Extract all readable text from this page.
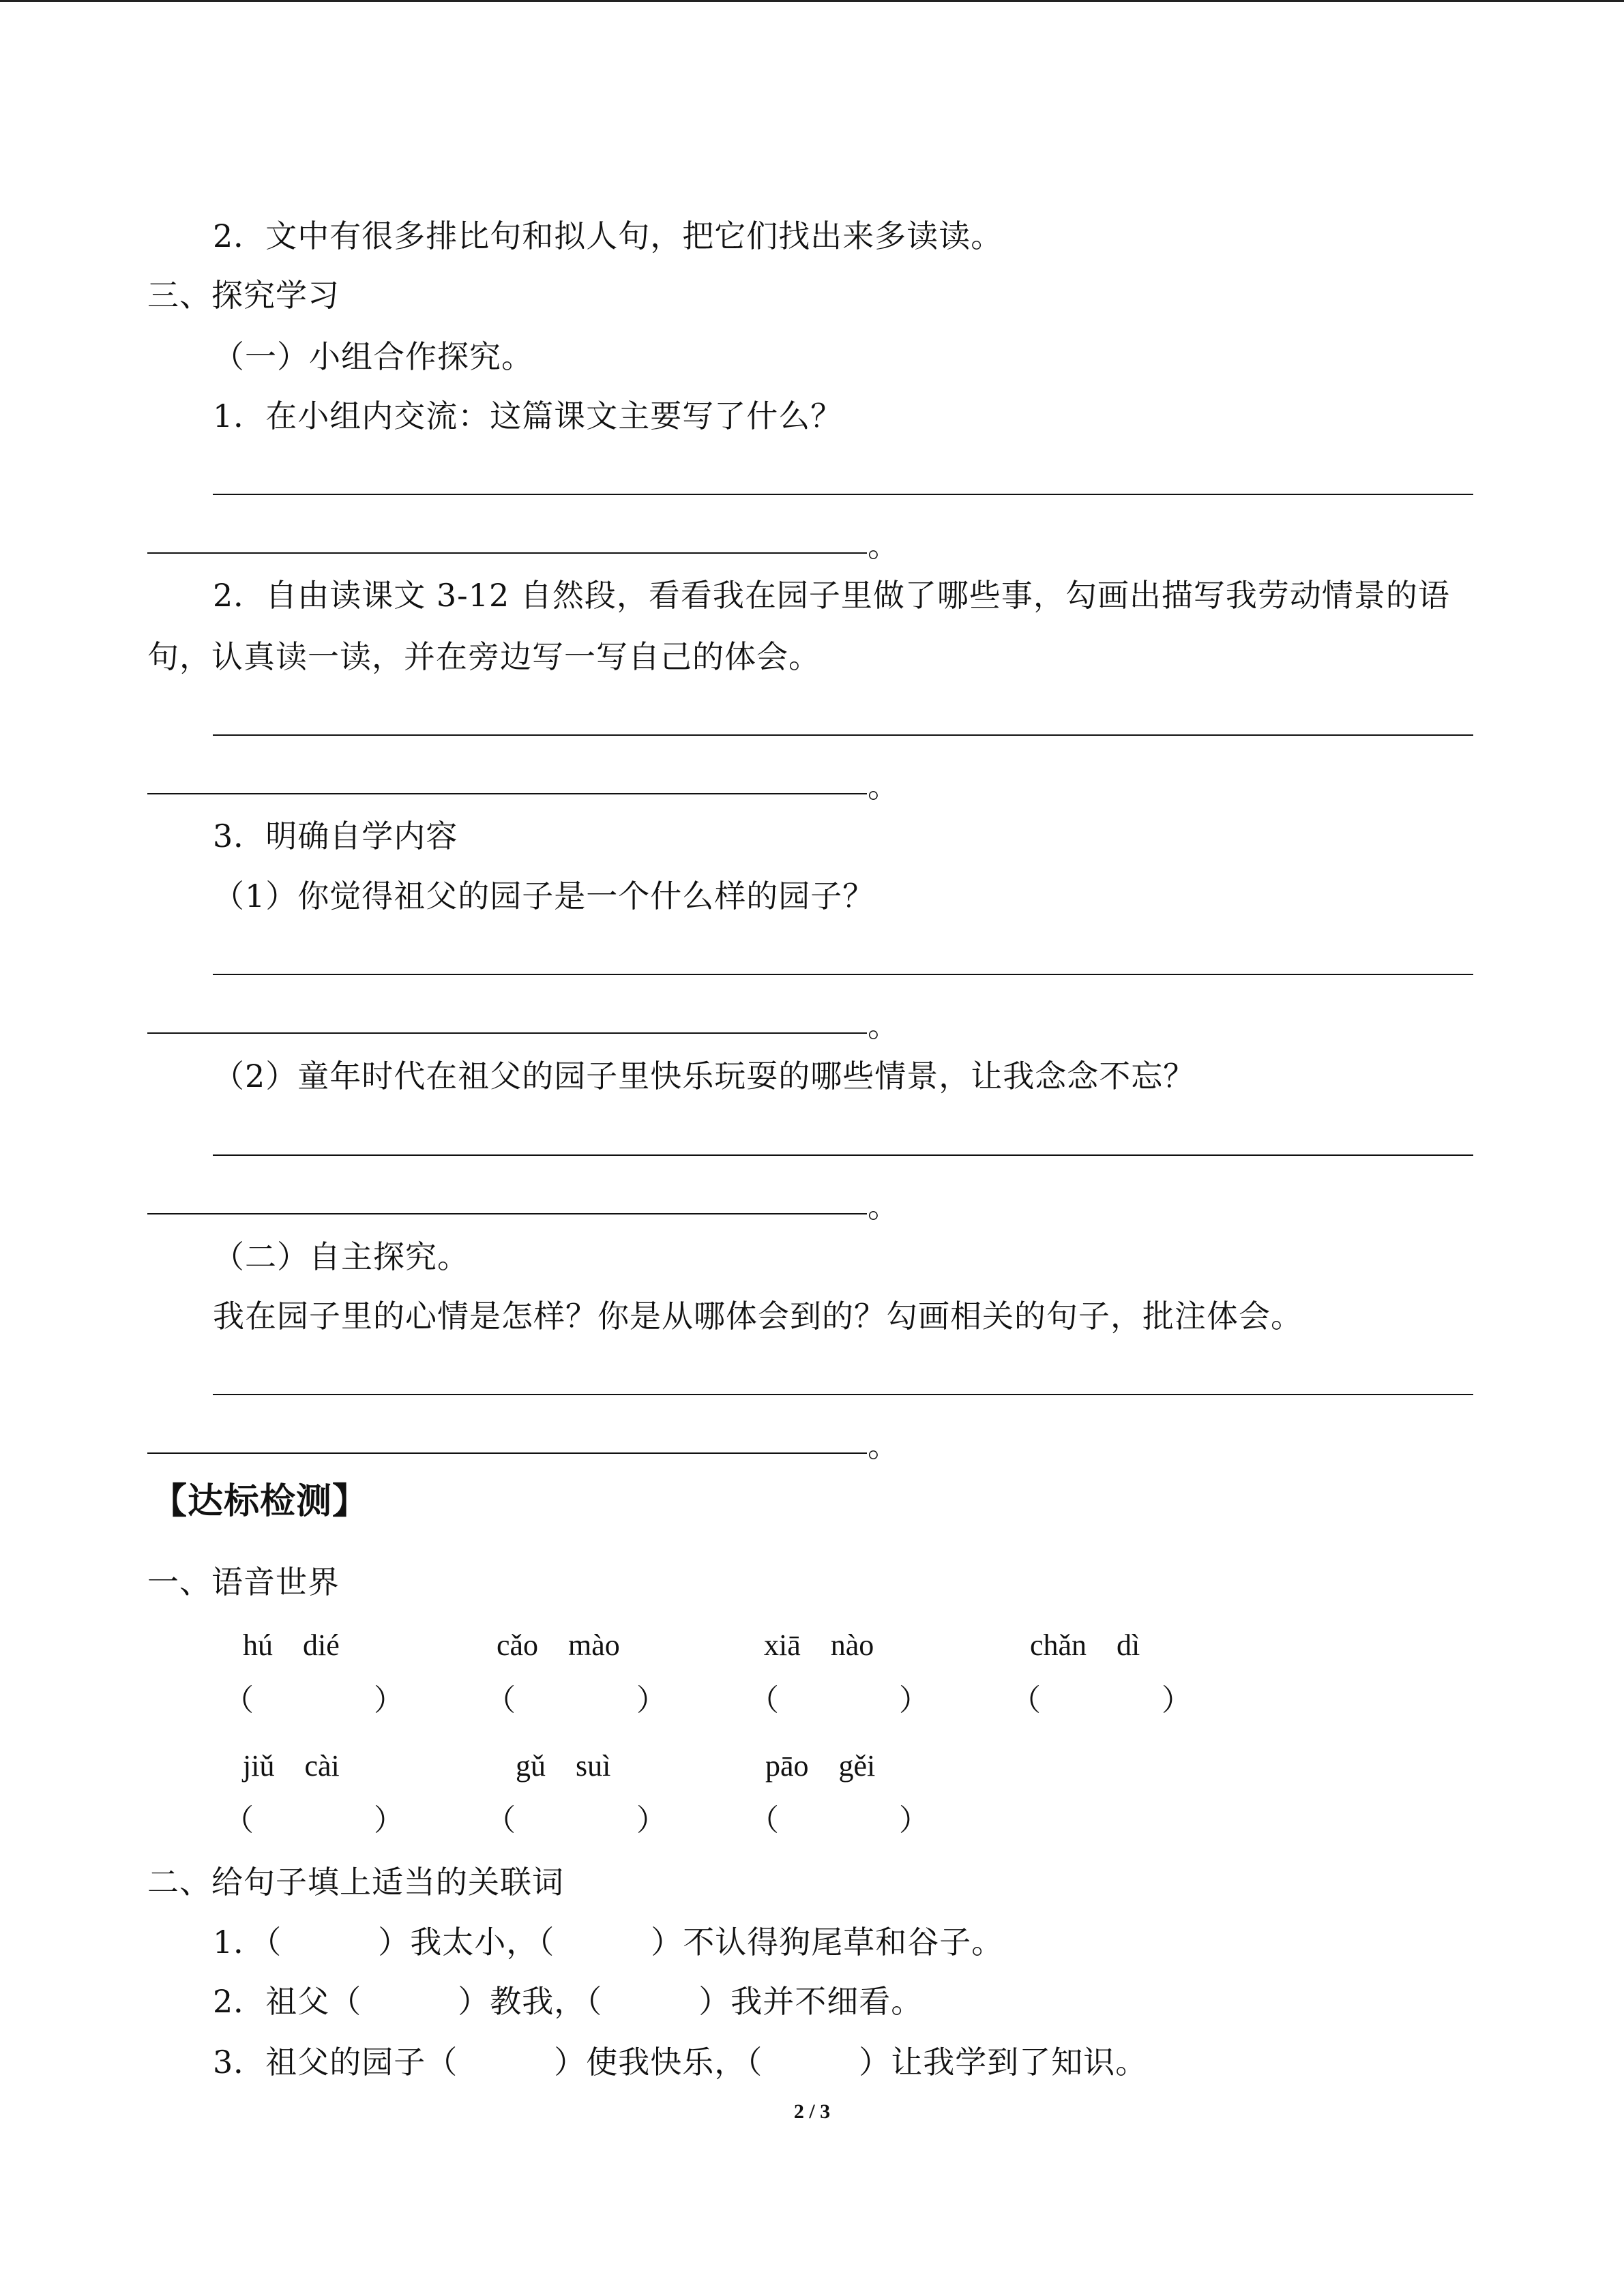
2．文中有很多排比句和拟人句，把它们找出来多读读。
三、探究学习
（一）小组合作探究。
1．在小组内交流：这篇课文主要写了什么？
。
2．自由读课文 3-12 自然段，看看我在园子里做了哪些事，勾画出描写我劳动情景的语
句，认真读一读，并在旁边写一写自己的体会。
。
3．明确自学内容
（1）你觉得祖父的园子是一个什么样的园子？
。
（2）童年时代在祖父的园子里快乐玩耍的哪些情景，让我念念不忘？
。
（二）自主探究。
我在园子里的心情是怎样？你是从哪体会到的？勾画相关的句子，批注体会。
。
【达标检测】
一、语音世界
hú　dié	cǎo　mào	xiā　nào	chǎn　dì
（	）	（	）	（	）	（	）
jiǔ　cài	gǔ　suì	pāo　gěi
（	）	（	）	（	）
二、给句子填上适当的关联词
1．（　　　）我太小，（　　　）不认得狗尾草和谷子。
2．祖父（　　　）教我，（　　　）我并不细看。
3．祖父的园子（　　　）使我快乐，（　　　）让我学到了知识。
2 / 3
